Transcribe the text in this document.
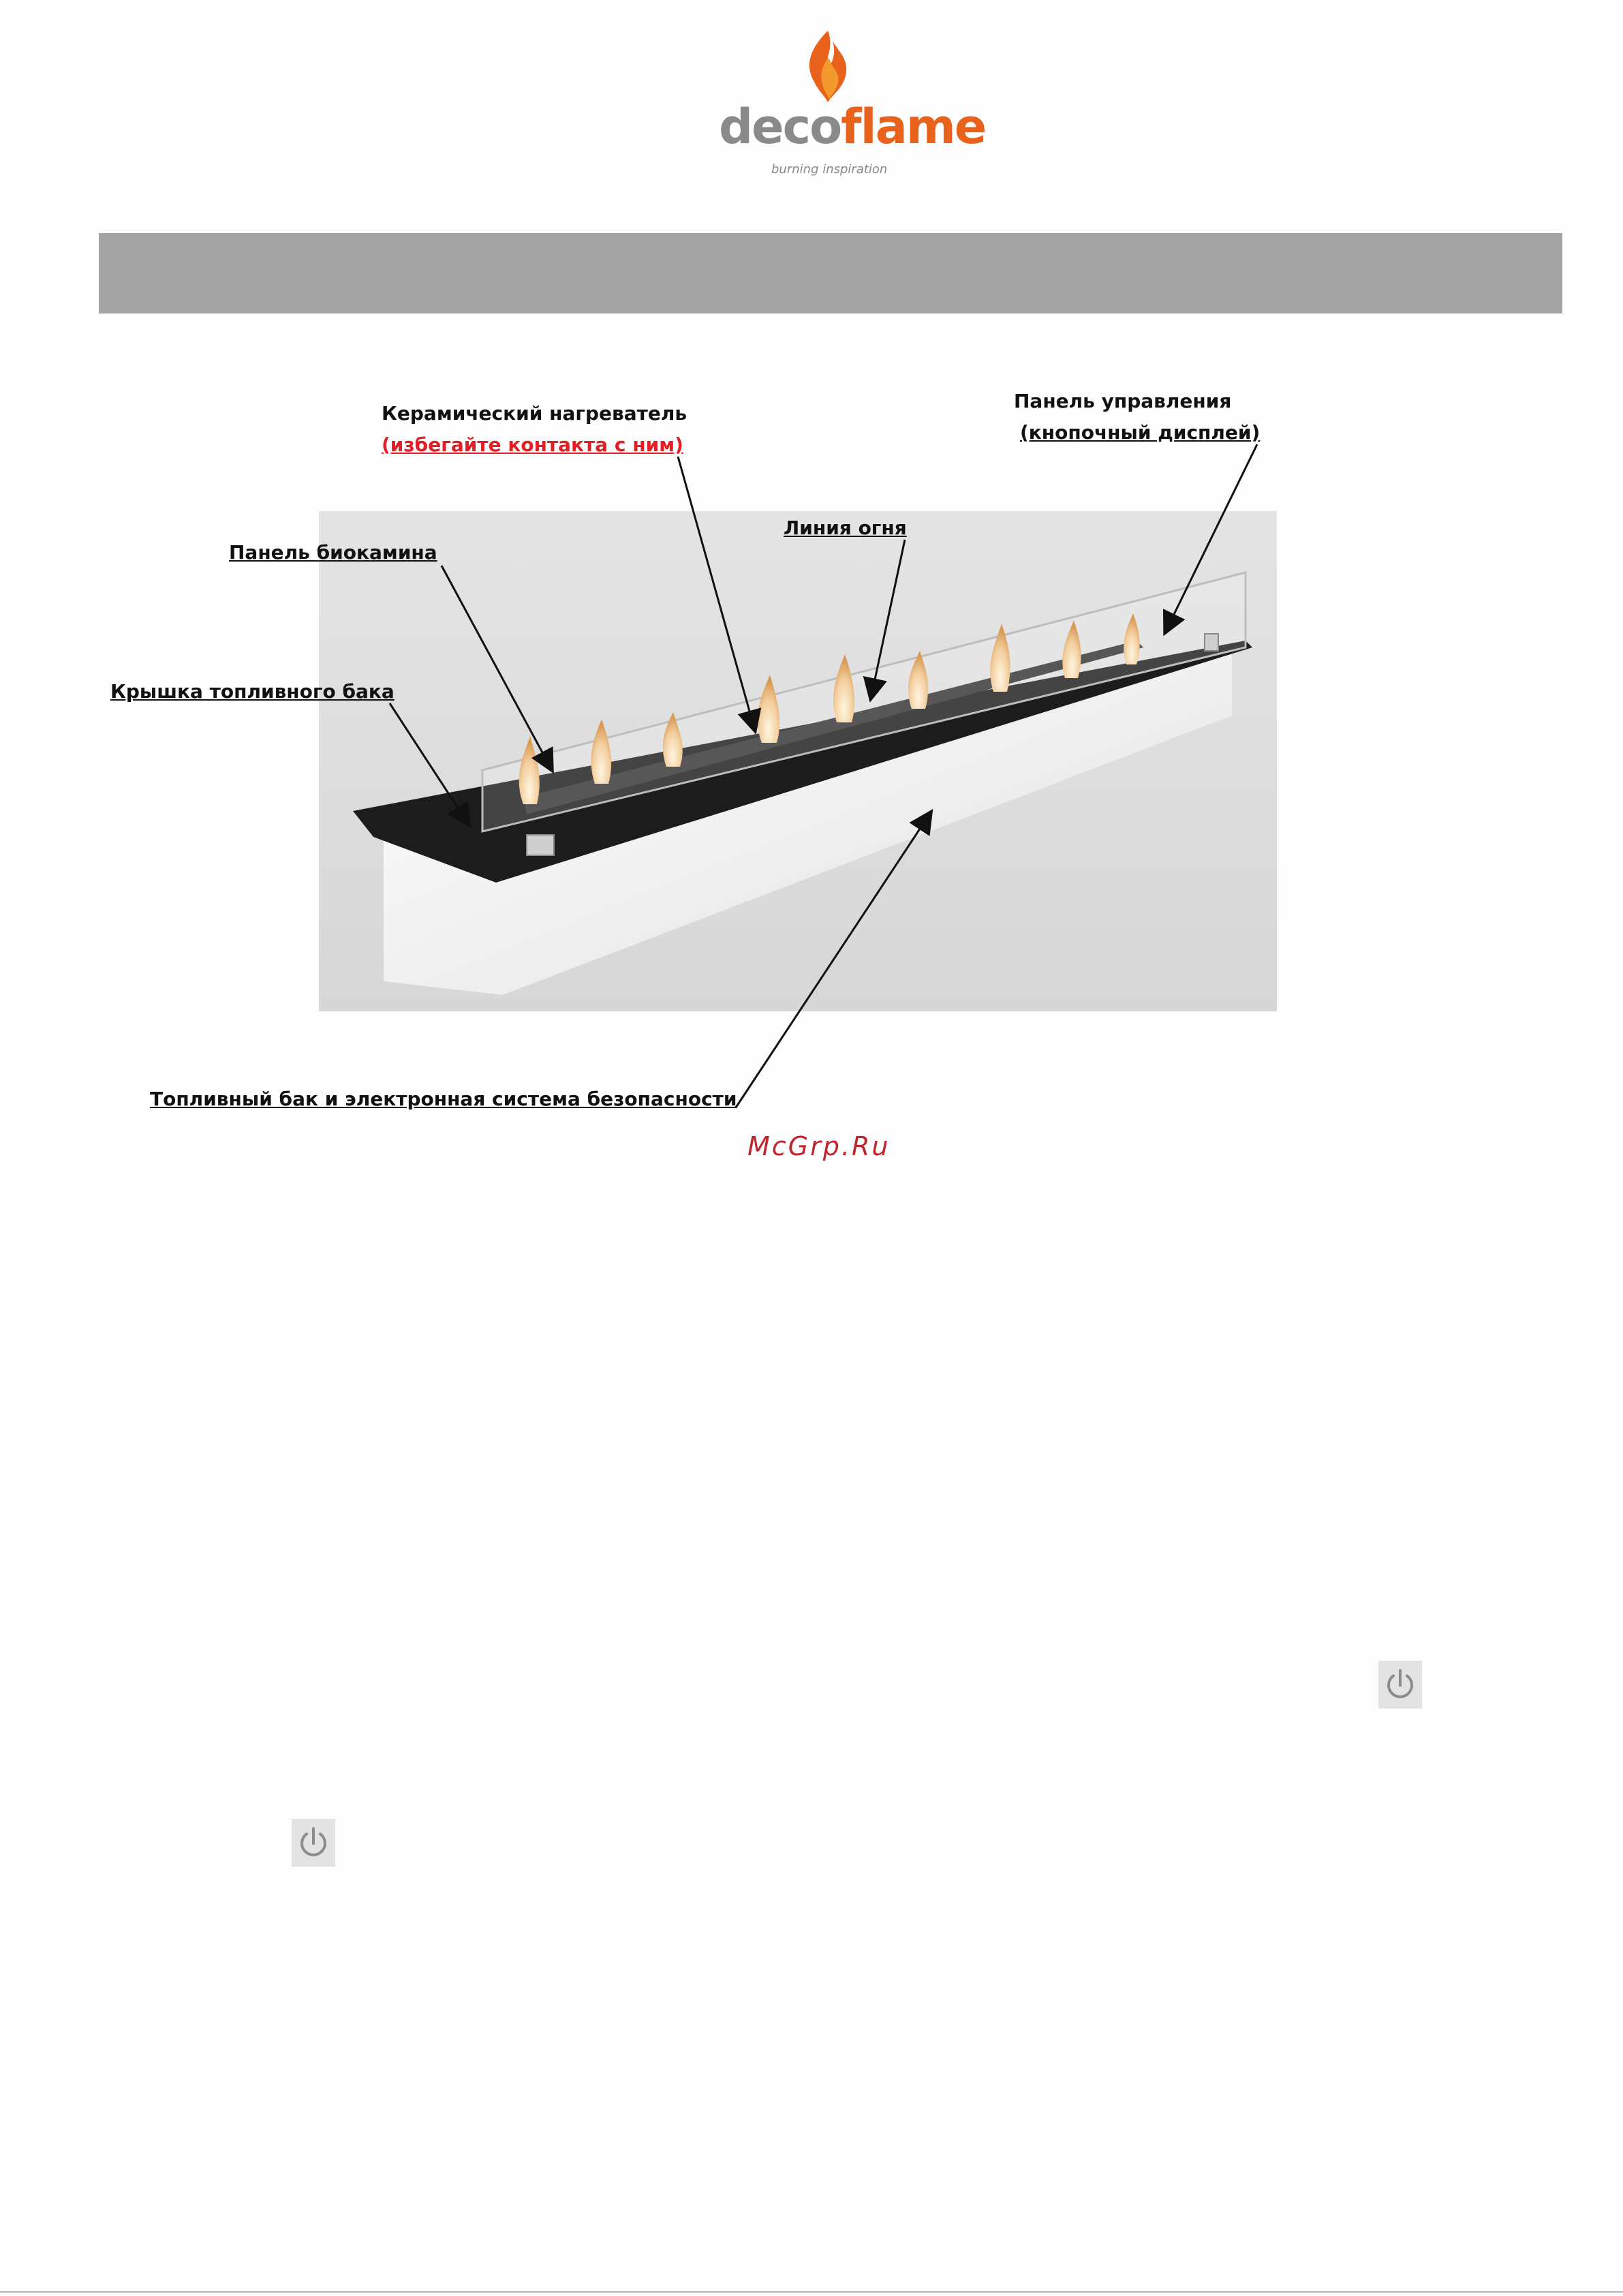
decoflame
burning inspiration
Керамический нагреватель
(избегайте контакта с ним)
Панель управления
(кнопочный дисплей)
Линия огня
Панель биокамина
Крышка топливного бака
Топливный бак и электронная система безопасности
McGrp.Ru
